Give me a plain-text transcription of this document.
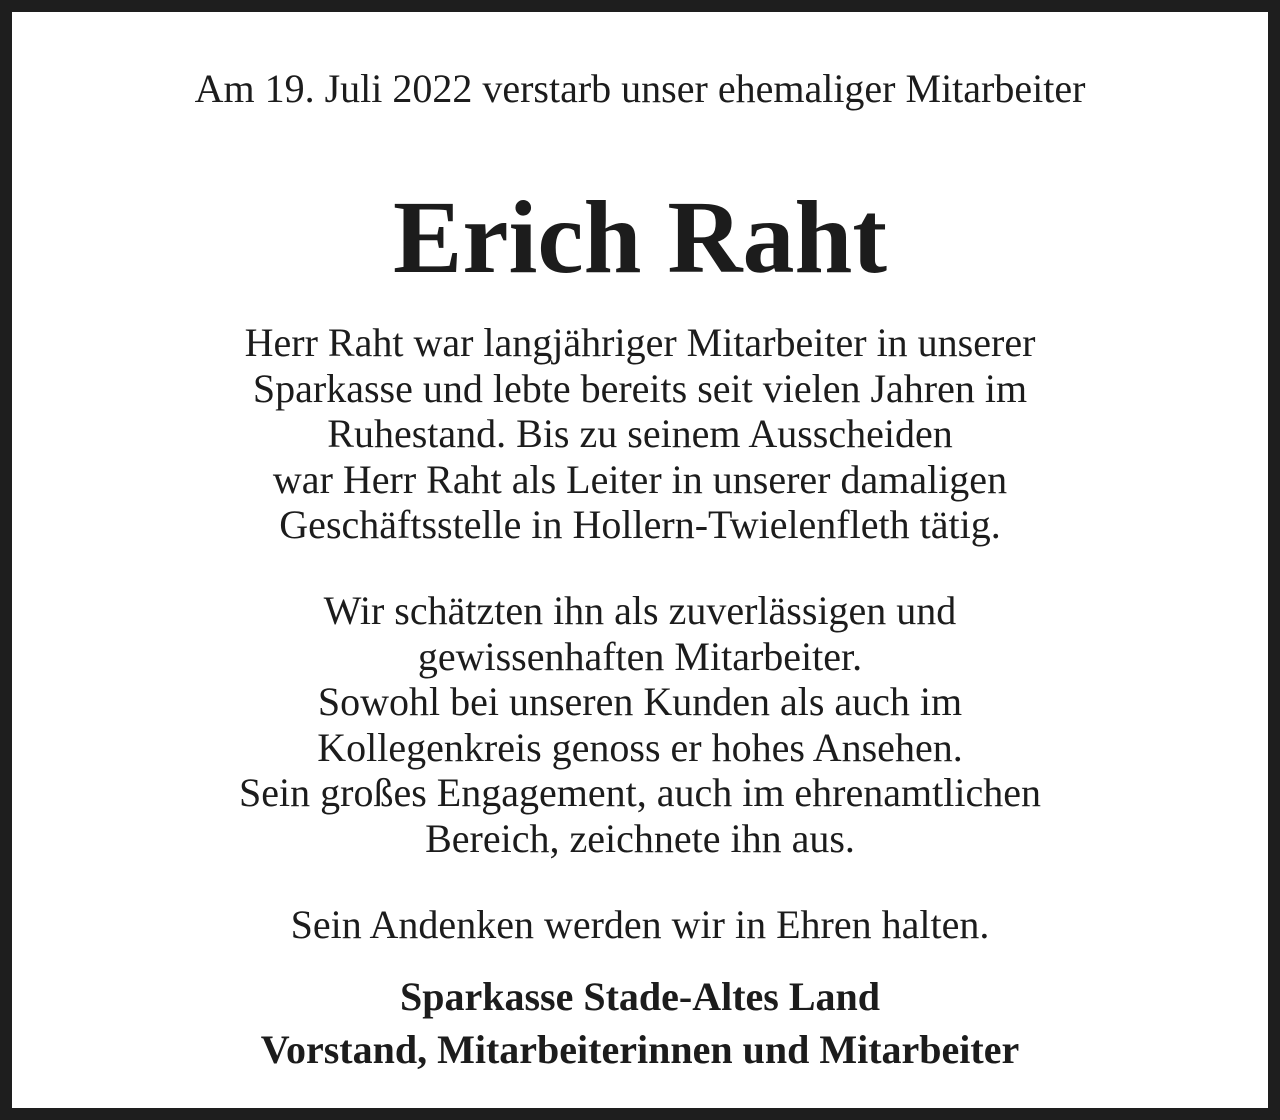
Am 19. Juli 2022 verstarb unser ehemaliger Mitarbeiter
Erich Raht
Herr Raht war langjähriger Mitarbeiter in unserer
Sparkasse und lebte bereits seit vielen Jahren im
Ruhestand. Bis zu seinem Ausscheiden
war Herr Raht als Leiter in unserer damaligen
Geschäftsstelle in Hollern-Twielenfleth tätig.
Wir schätzten ihn als zuverlässigen und
gewissenhaften Mitarbeiter.
Sowohl bei unseren Kunden als auch im
Kollegenkreis genoss er hohes Ansehen.
Sein großes Engagement, auch im ehrenamtlichen
Bereich, zeichnete ihn aus.
Sein Andenken werden wir in Ehren halten.
Sparkasse Stade-Altes Land
Vorstand, Mitarbeiterinnen und Mitarbeiter
